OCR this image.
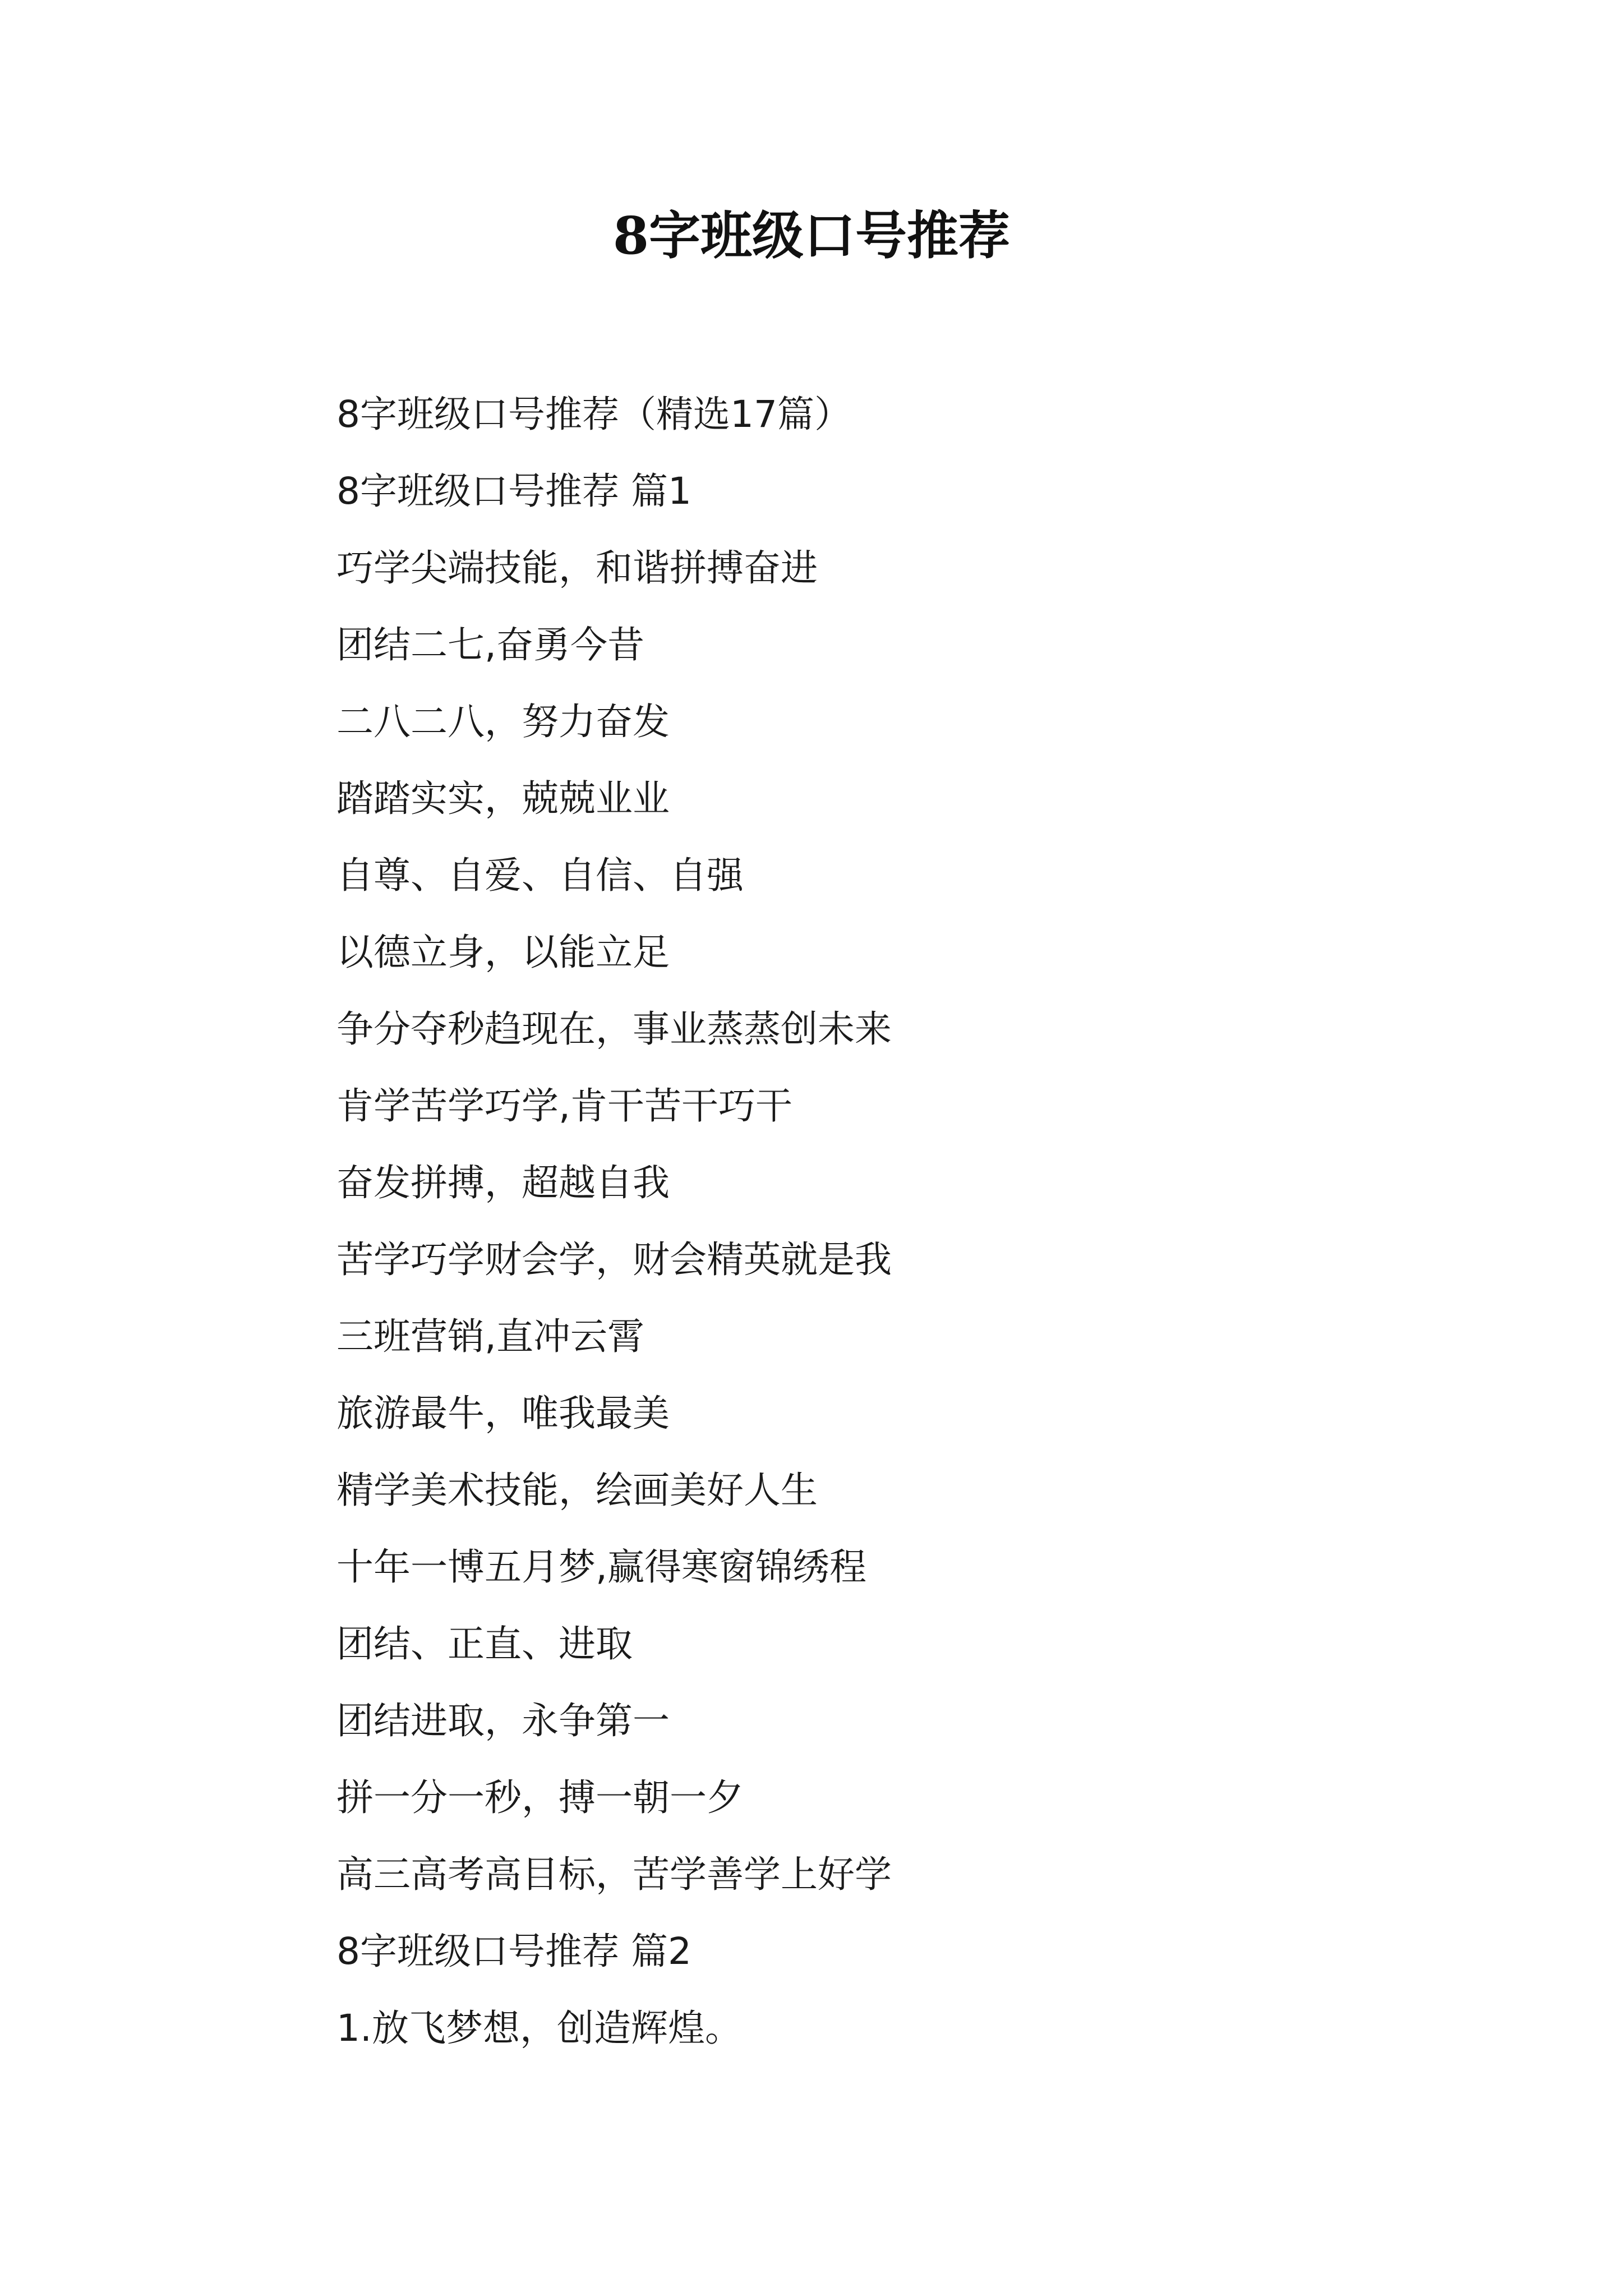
8字班级口号推荐
8字班级口号推荐（精选17篇）
8字班级口号推荐 篇1
巧学尖端技能，和谐拼搏奋进
团结二七,奋勇今昔
二八二八，努力奋发
踏踏实实，兢兢业业
自尊、自爱、自信、自强
以德立身，以能立足
争分夺秒趋现在，事业蒸蒸创未来
肯学苦学巧学,肯干苦干巧干
奋发拼搏，超越自我
苦学巧学财会学，财会精英就是我
三班营销,直冲云霄
旅游最牛，唯我最美
精学美术技能，绘画美好人生
十年一博五月梦,赢得寒窗锦绣程
团结、正直、进取
团结进取，永争第一
拼一分一秒，搏一朝一夕
高三高考高目标，苦学善学上好学
8字班级口号推荐 篇2
1.放飞梦想，创造辉煌。
